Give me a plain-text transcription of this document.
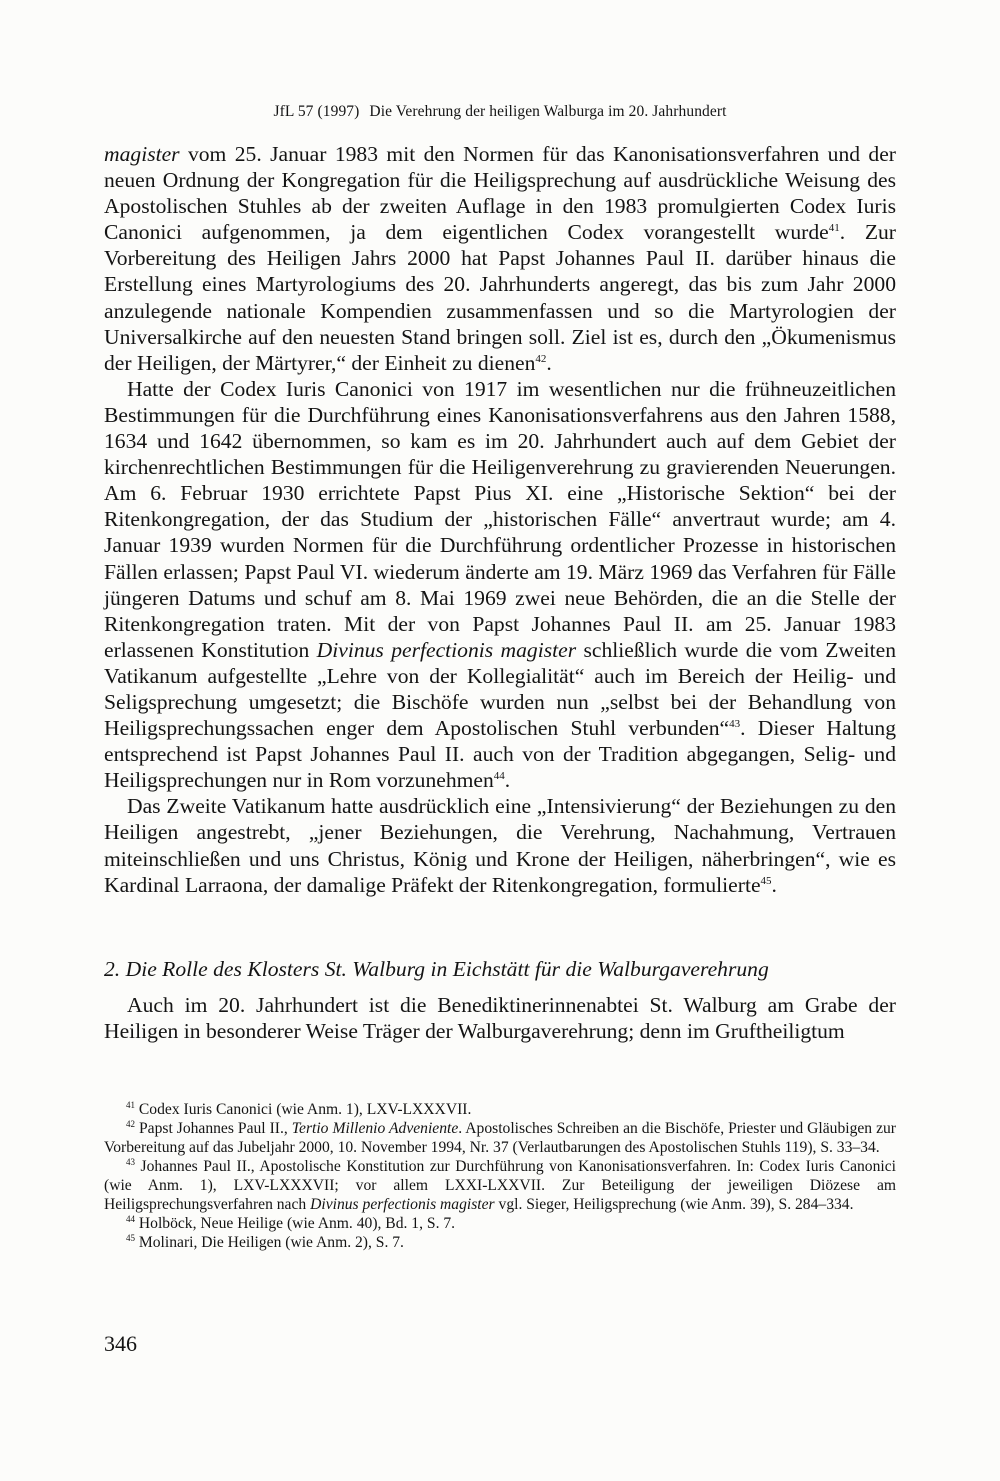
JfL 57 (1997) Die Verehrung der heiligen Walburga im 20. Jahrhundert

magister vom 25. Januar 1983 mit den Normen für das Kanonisationsverfahren und der neuen Ordnung der Kongregation für die Heiligsprechung auf ausdrückliche Weisung des Apostolischen Stuhles ab der zweiten Auflage in den 1983 promulgierten Codex Iuris Canonici aufgenommen, ja dem eigentlichen Codex vorangestellt wurde$^{41}$. Zur Vorbereitung des Heiligen Jahrs 2000 hat Papst Johannes Paul II. darüber hinaus die Erstellung eines Martyrologiums des 20. Jahrhunderts angeregt, das bis zum Jahr 2000 anzulegende nationale Kompendien zusammenfassen und so die Martyrologien der Universalkirche auf den neuesten Stand bringen soll. Ziel ist es, durch den „Ökumenismus der Heiligen, der Märtyrer,“ der Einheit zu dienen$^{42}$.

Hatte der Codex Iuris Canonici von 1917 im wesentlichen nur die frühneuzeitlichen Bestimmungen für die Durchführung eines Kanonisationsverfahrens aus den Jahren 1588, 1634 und 1642 übernommen, so kam es im 20. Jahrhundert auch auf dem Gebiet der kirchenrechtlichen Bestimmungen für die Heiligenverehrung zu gravierenden Neuerungen. Am 6. Februar 1930 errichtete Papst Pius XI. eine „Historische Sektion“ bei der Ritenkongregation, der das Studium der „historischen Fälle“ anvertraut wurde; am 4. Januar 1939 wurden Normen für die Durchführung ordentlicher Prozesse in historischen Fällen erlassen; Papst Paul VI. wiederum änderte am 19. März 1969 das Verfahren für Fälle jüngeren Datums und schuf am 8. Mai 1969 zwei neue Behörden, die an die Stelle der Ritenkongregation traten. Mit der von Papst Johannes Paul II. am 25. Januar 1983 erlassenen Konstitution Divinus perfectionis magister schließlich wurde die vom Zweiten Vatikanum aufgestellte „Lehre von der Kollegialität“ auch im Bereich der Heilig- und Seligsprechung umgesetzt; die Bischöfe wurden nun „selbst bei der Behandlung von Heiligsprechungssachen enger dem Apostolischen Stuhl verbunden“$^{43}$. Dieser Haltung entsprechend ist Papst Johannes Paul II. auch von der Tradition abgegangen, Selig- und Heiligsprechungen nur in Rom vorzunehmen$^{44}$.

Das Zweite Vatikanum hatte ausdrücklich eine „Intensivierung“ der Beziehungen zu den Heiligen angestrebt, „jener Beziehungen, die Verehrung, Nachahmung, Vertrauen miteinschließen und uns Christus, König und Krone der Heiligen, näherbringen“, wie es Kardinal Larraona, der damalige Präfekt der Ritenkongregation, formulierte$^{45}$.

2. Die Rolle des Klosters St. Walburg in Eichstätt für die Walburgaverehrung

Auch im 20. Jahrhundert ist die Benediktinerinnenabtei St. Walburg am Grabe der Heiligen in besonderer Weise Träger der Walburgaverehrung; denn im Gruftheiligtum

$^{41}$ Codex Iuris Canonici (wie Anm. 1), LXV-LXXXVII.

$^{42}$ Papst Johannes Paul II., Tertio Millenio Adveniente. Apostolisches Schreiben an die Bischöfe, Priester und Gläubigen zur Vorbereitung auf das Jubeljahr 2000, 10. November 1994, Nr. 37 (Verlautbarungen des Apostolischen Stuhls 119), S. 33–34.

$^{43}$ Johannes Paul II., Apostolische Konstitution zur Durchführung von Kanonisationsverfahren. In: Codex Iuris Canonici (wie Anm. 1), LXV-LXXXVII; vor allem LXXI-LXXVII. Zur Beteiligung der jeweiligen Diözese am Heiligsprechungsverfahren nach Divinus perfectionis magister vgl. Sieger, Heiligsprechung (wie Anm. 39), S. 284–334.

$^{44}$ Holböck, Neue Heilige (wie Anm. 40), Bd. 1, S. 7.

$^{45}$ Molinari, Die Heiligen (wie Anm. 2), S. 7.

346
